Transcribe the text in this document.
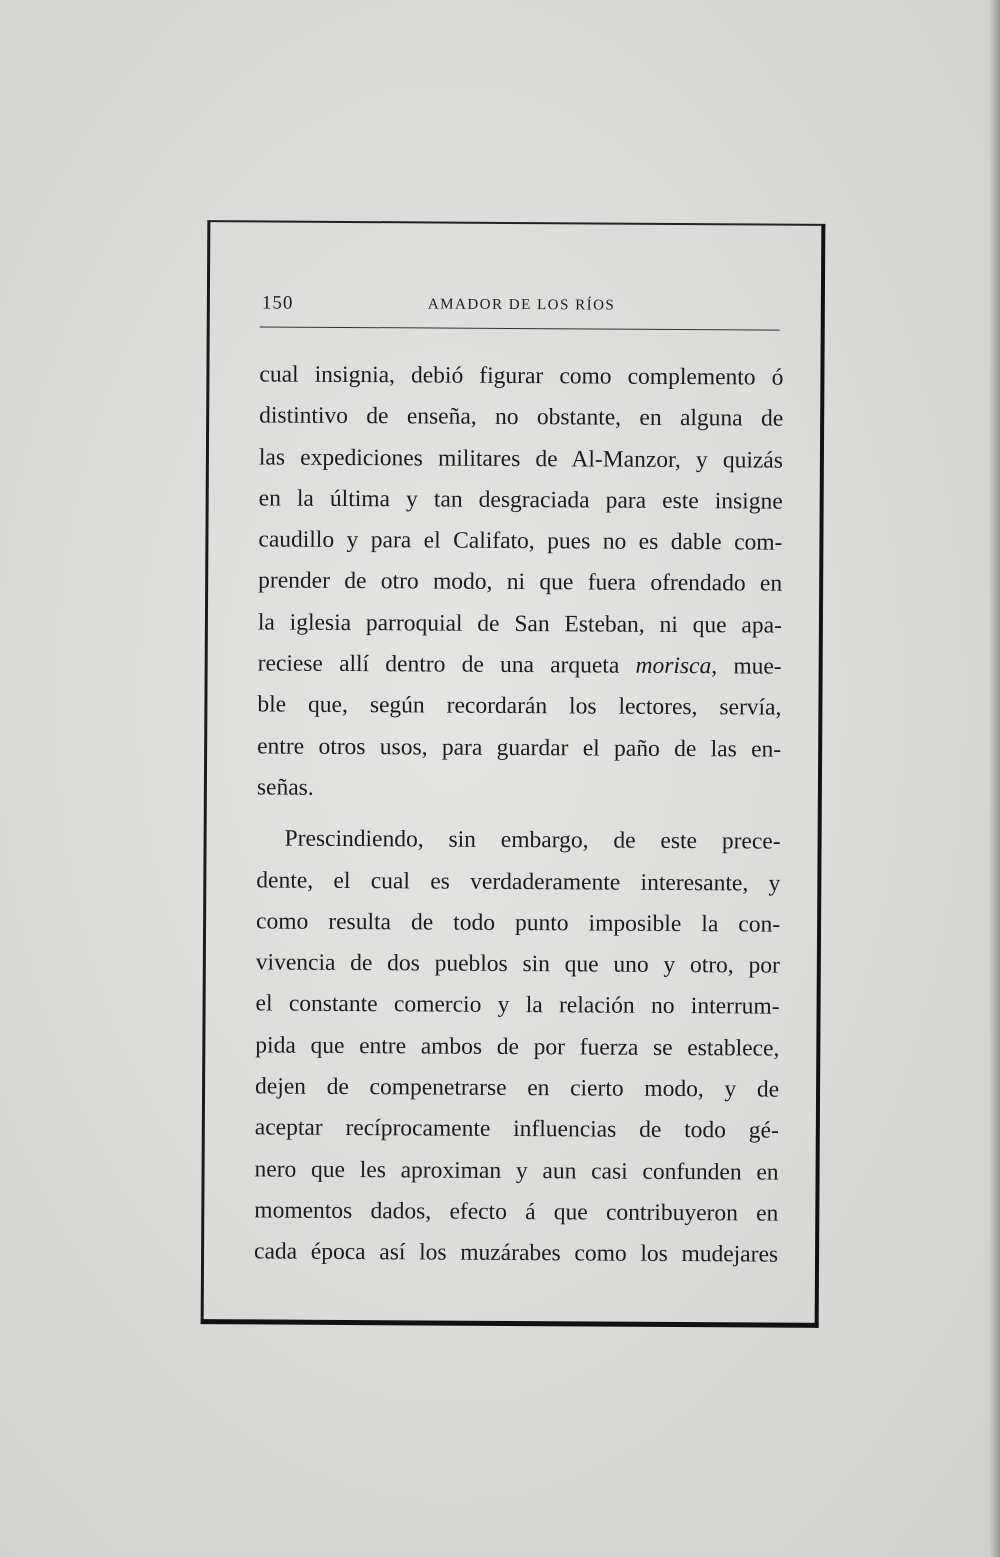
150	AMADOR DE LOS RÍOS
cual insignia, debió figurar como complemento ó
distintivo de enseña, no obstante, en alguna de
las expediciones militares de Al-Manzor, y quizás
en la última y tan desgraciada para este insigne
caudillo y para el Califato, pues no es dable com-
prender de otro modo, ni que fuera ofrendado en
la iglesia parroquial de San Esteban, ni que apa-
reciese allí dentro de una arqueta morisca, mue-
ble que, según recordarán los lectores, servía,
entre otros usos, para guardar el paño de las en-
señas.
Prescindiendo, sin embargo, de este prece-
dente, el cual es verdaderamente interesante, y
como resulta de todo punto imposible la con-
vivencia de dos pueblos sin que uno y otro, por
el constante comercio y la relación no interrum-
pida que entre ambos de por fuerza se establece,
dejen de compenetrarse en cierto modo, y de
aceptar recíprocamente influencias de todo gé-
nero que les aproximan y aun casi confunden en
momentos dados, efecto á que contribuyeron en
cada época así los muzárabes como los mudejares
